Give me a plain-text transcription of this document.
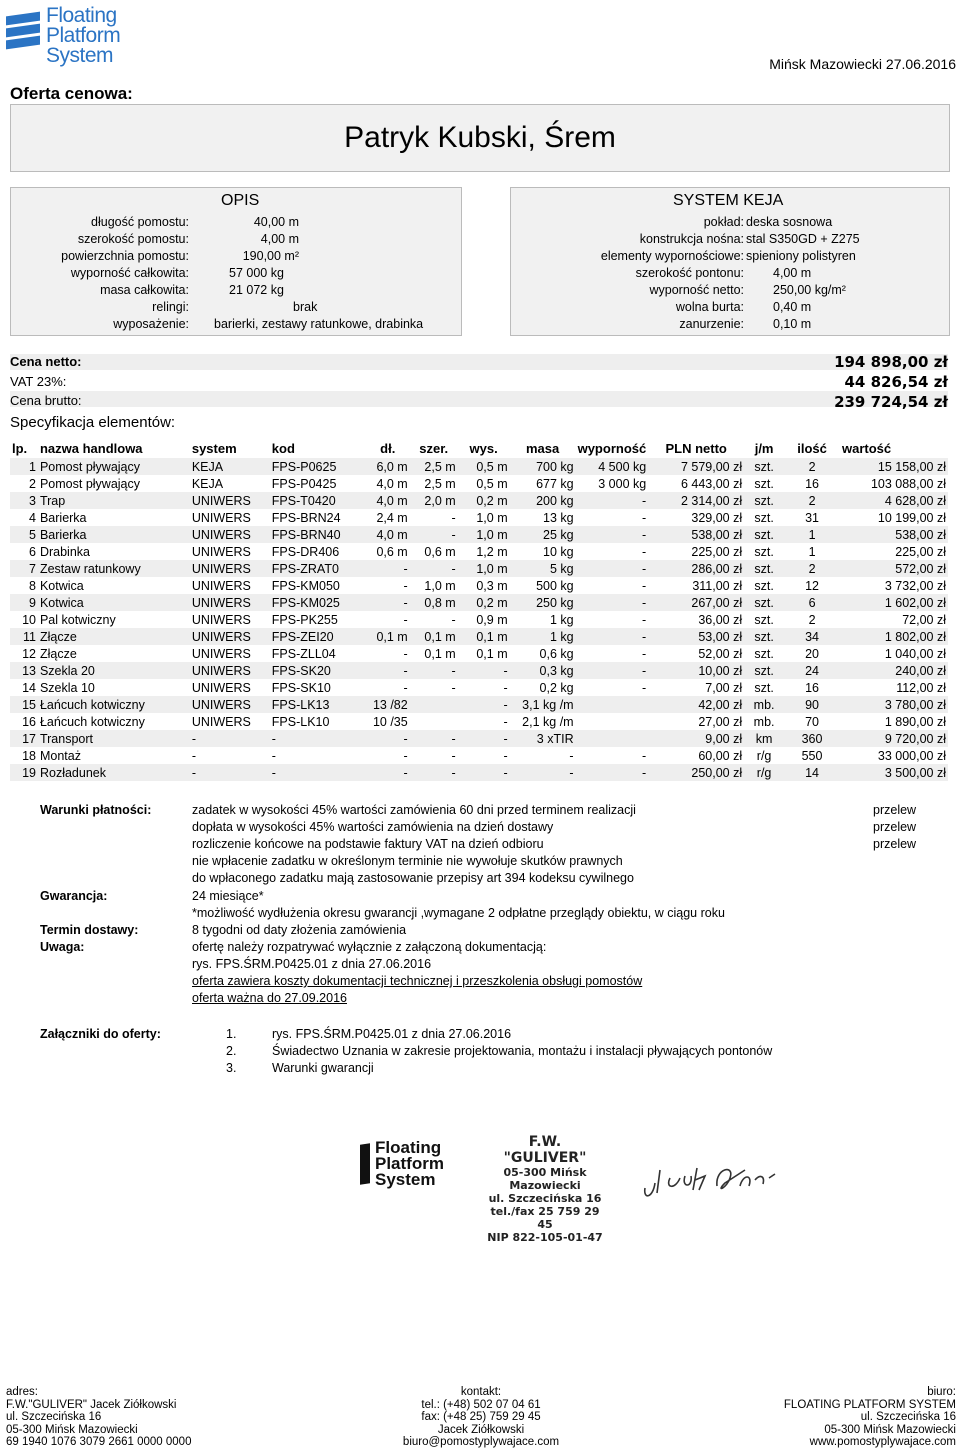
Floating
Platform
System	Mińsk Mazowiecki 27.06.2016
Oferta cenowa:
Patryk Kubski, Śrem
OPIS
długość pomostu:	40,00 m
szerokość pomostu:	4,00 m
powierzchnia pomostu:	190,00 m²
wyporność całkowita:	57 000 kg
masa całkowita:	21 072 kg
relingi:	brak
wyposażenie: barierki, zestawy ratunkowe, drabinka
SYSTEM KEJA
pokład: deska sosnowa
konstrukcja nośna: stal S350GD + Z275
elementy wypornościowe: spieniony polistyren
szerokość pontonu:	4,00 m
wyporność netto:	250,00 kg/m²
wolna burta:	0,40 m
zanurzenie:	0,10 m
Cena netto:	194 898,00 zł
VAT 23%:	44 826,54 zł
Cena brutto:	239 724,54 zł
Specyfikacja elementów:
lp.	nazwa handlowa	system	kod	dł.	szer.	wys.	masa	wyporność	PLN netto	j/m	ilość	wartość
1	Pomost pływający	KEJA	FPS-P0625	6,0 m	2,5 m	0,5 m	700 kg	4 500 kg	7 579,00 zł	szt.	2	15 158,00 zł
2	Pomost pływający	KEJA	FPS-P0425	4,0 m	2,5 m	0,5 m	677 kg	3 000 kg	6 443,00 zł	szt.	16	103 088,00 zł
3	Trap	UNIWERS	FPS-T0420	4,0 m	2,0 m	0,2 m	200 kg	-	2 314,00 zł	szt.	2	4 628,00 zł
4	Barierka	UNIWERS	FPS-BRN24	2,4 m	-	1,0 m	13 kg	-	329,00 zł	szt.	31	10 199,00 zł
5	Barierka	UNIWERS	FPS-BRN40	4,0 m	-	1,0 m	25 kg	-	538,00 zł	szt.	1	538,00 zł
6	Drabinka	UNIWERS	FPS-DR406	0,6 m	0,6 m	1,2 m	10 kg	-	225,00 zł	szt.	1	225,00 zł
7	Zestaw ratunkowy	UNIWERS	FPS-ZRAT0	-	-	1,0 m	5 kg	-	286,00 zł	szt.	2	572,00 zł
8	Kotwica	UNIWERS	FPS-KM050	-	1,0 m	0,3 m	500 kg	-	311,00 zł	szt.	12	3 732,00 zł
9	Kotwica	UNIWERS	FPS-KM025	-	0,8 m	0,2 m	250 kg	-	267,00 zł	szt.	6	1 602,00 zł
10	Pal kotwiczny	UNIWERS	FPS-PK255	-	-	0,9 m	1 kg	-	36,00 zł	szt.	2	72,00 zł
11	Złącze	UNIWERS	FPS-ZEI20	0,1 m	0,1 m	0,1 m	1 kg	-	53,00 zł	szt.	34	1 802,00 zł
12	Złącze	UNIWERS	FPS-ZLL04	-	0,1 m	0,1 m	0,6 kg	-	52,00 zł	szt.	20	1 040,00 zł
13	Szekla 20	UNIWERS	FPS-SK20	-	-	-	0,3 kg	-	10,00 zł	szt.	24	240,00 zł
14	Szekla 10	UNIWERS	FPS-SK10	-	-	-	0,2 kg	-	7,00 zł	szt.	16	112,00 zł
15	Łańcuch kotwiczny	UNIWERS	FPS-LK13	13 /82		-	3,1 kg /m		42,00 zł	mb.	90	3 780,00 zł
16	Łańcuch kotwiczny	UNIWERS	FPS-LK10	10 /35		-	2,1 kg /m		27,00 zł	mb.	70	1 890,00 zł
17	Transport	-	-	-	-	-	3 xTIR		9,00 zł	km	360	9 720,00 zł
18	Montaż	-	-	-	-	-	-	-	60,00 zł	r/g	550	33 000,00 zł
19	Rozładunek	-	-	-	-	-	-	-	250,00 zł	r/g	14	3 500,00 zł
Warunki płatności:	zadatek w wysokości 45% wartości zamówienia 60 dni przed terminem realizacji
dopłata w wysokości 45% wartości zamówienia na dzień dostawy
rozliczenie końcowe na podstawie faktury VAT na dzień odbioru
nie wpłacenie zadatku w określonym terminie nie wywołuje skutków prawnych
do wpłaconego zadatku mają zastosowanie przepisy art 394 kodeksu cywilnego
przelew
przelew
przelew
Gwarancja:	24 miesiące*
*możliwość wydłużenia okresu gwarancji ,wymagane 2 odpłatne przeglądy obiektu, w ciągu roku
Termin dostawy:	8 tygodni od daty złożenia zamówienia
Uwaga:	ofertę należy rozpatrywać wyłącznie z załączoną dokumentacją:
rys. FPS.ŚRM.P0425.01 z dnia 27.06.2016
oferta zawiera koszty dokumentacji technicznej i przeszkolenia obsługi pomostów
oferta ważna do 27.09.2016
Załączniki do oferty:	1.	rys. FPS.ŚRM.P0425.01 z dnia 27.06.2016
2.	Świadectwo Uznania w zakresie projektowania, montażu i instalacji pływających pontonów
3.	Warunki gwarancji
Floating
Platform
System
F.W. "GULIVER"
05-300 Mińsk Mazowiecki
ul. Szczecińska 16
tel./fax 25 759 29 45
NIP 822-105-01-47
adres:
F.W."GULIVER" Jacek Ziółkowski
ul. Szczecińska 16
05-300 Mińsk Mazowiecki
69 1940 1076 3079 2661 0000 0000
kontakt:
tel.: (+48) 502 07 04 61
fax: (+48 25) 759 29 45
Jacek Ziółkowski
biuro@pomostyplywajace.com
biuro:
FLOATING PLATFORM SYSTEM
ul. Szczecińska 16
05-300 Mińsk Mazowiecki
www.pomostyplywajace.com
